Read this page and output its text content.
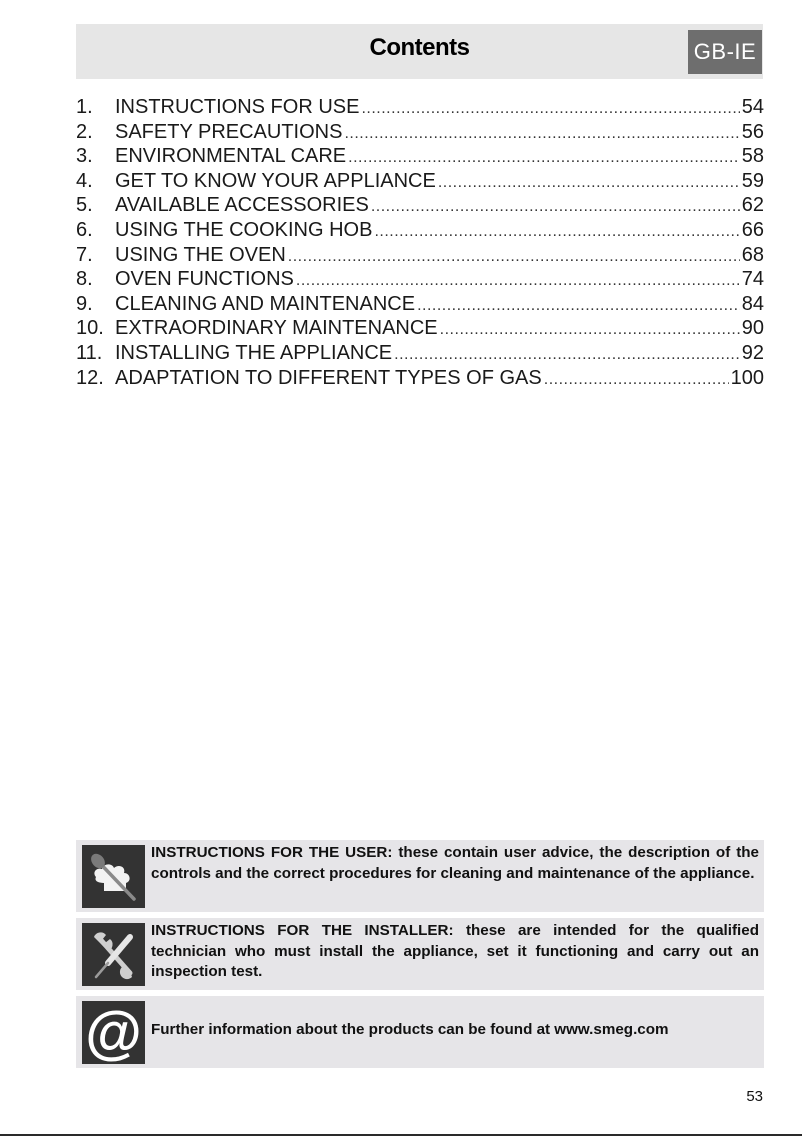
Contents	GB-IE
1.	INSTRUCTIONS FOR USE .....	54
2.	SAFETY PRECAUTIONS .....	56
3.	ENVIRONMENTAL CARE .....	58
4.	GET TO KNOW YOUR APPLIANCE .....	59
5.	AVAILABLE ACCESSORIES .....	62
6.	USING THE COOKING HOB .....	66
7.	USING THE OVEN .....	68
8.	OVEN FUNCTIONS .....	74
9.	CLEANING AND MAINTENANCE .....	84
10. EXTRAORDINARY MAINTENANCE .....	90
11. INSTALLING THE APPLIANCE .....	92
12. ADAPTATION TO DIFFERENT TYPES OF GAS .....	100
INSTRUCTIONS FOR THE USER: these contain user advice, the description of the controls and the correct procedures for cleaning and maintenance of the appliance.
INSTRUCTIONS FOR THE INSTALLER: these are intended for the qualified technician who must install the appliance, set it functioning and carry out an inspection test.
@ Further information about the products can be found at www.smeg.com
53
